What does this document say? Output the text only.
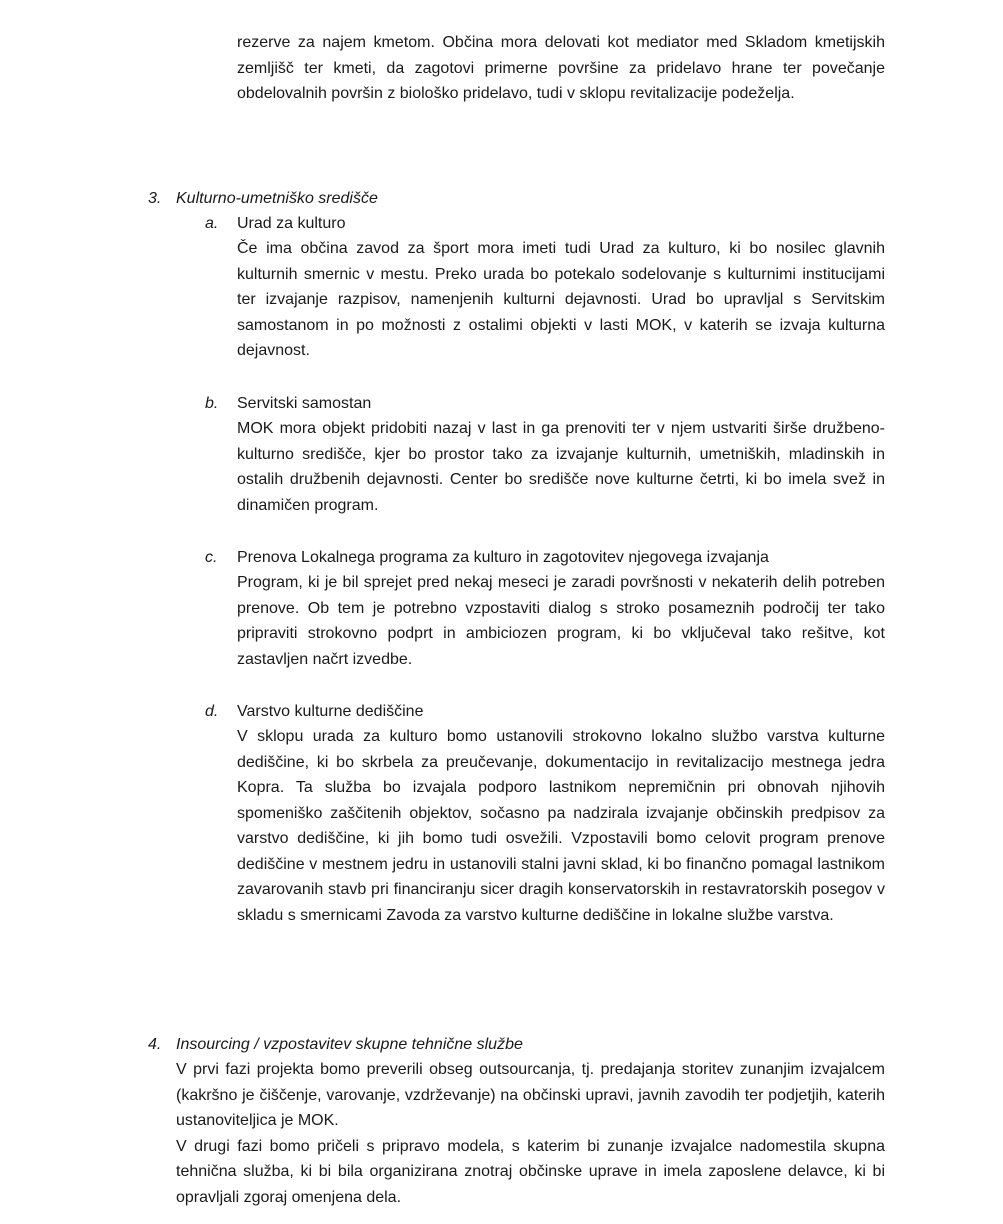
rezerve za najem kmetom. Občina mora delovati kot mediator med Skladom kmetijskih zemljišč ter kmeti, da zagotovi primerne površine za pridelavo hrane ter povečanje obdelovalnih površin z biološko pridelavo, tudi v sklopu revitalizacije podeželja.

3. Kulturno-umetniško središče
a. Urad za kulturo

Če ima občina zavod za šport mora imeti tudi Urad za kulturo, ki bo nosilec glavnih kulturnih smernic v mestu. Preko urada bo potekalo sodelovanje s kulturnimi institucijami ter izvajanje razpisov, namenjenih kulturni dejavnosti. Urad bo upravljal s Servitskim samostanom in po možnosti z ostalimi objekti v lasti MOK, v katerih se izvaja kulturna dejavnost.

b. Servitski samostan

MOK mora objekt pridobiti nazaj v last in ga prenoviti ter v njem ustvariti širše družbeno-kulturno središče, kjer bo prostor tako za izvajanje kulturnih, umetniških, mladinskih in ostalih družbenih dejavnosti. Center bo središče nove kulturne četrti, ki bo imela svež in dinamičen program.

c. Prenova Lokalnega programa za kulturo in zagotovitev njegovega izvajanja

Program, ki je bil sprejet pred nekaj meseci je zaradi površnosti v nekaterih delih potreben prenove. Ob tem je potrebno vzpostaviti dialog s stroko posameznih področij ter tako pripraviti strokovno podprt in ambiciozen program, ki bo vključeval tako rešitve, kot zastavljen načrt izvedbe.

d. Varstvo kulturne dediščine

V sklopu urada za kulturo bomo ustanovili strokovno lokalno službo varstva kulturne dediščine, ki bo skrbela za preučevanje, dokumentacijo in revitalizacijo mestnega jedra Kopra. Ta služba bo izvajala podporo lastnikom nepremičnin pri obnovah njihovih spomeniško zaščitenih objektov, sočasno pa nadzirala izvajanje občinskih predpisov za varstvo dediščine, ki jih bomo tudi osvežili. Vzpostavili bomo celovit program prenove dediščine v mestnem jedru in ustanovili stalni javni sklad, ki bo finančno pomagal lastnikom zavarovanih stavb pri financiranju sicer dragih konservatorskih in restavratorskih posegov v skladu s smernicami Zavoda za varstvo kulturne dediščine in lokalne službe varstva.

4. Insourcing / vzpostavitev skupne tehnične službe

V prvi fazi projekta bomo preverili obseg outsourcanja, tj. predajanja storitev zunanjim izvajalcem (kakršno je čiščenje, varovanje, vzdrževanje) na občinski upravi, javnih zavodih ter podjetjih, katerih ustanoviteljica je MOK.

V drugi fazi bomo pričeli s pripravo modela, s katerim bi zunanje izvajalce nadomestila skupna tehnična služba, ki bi bila organizirana znotraj občinske uprave in imela zaposlene delavce, ki bi opravljali zgoraj omenjena dela.
